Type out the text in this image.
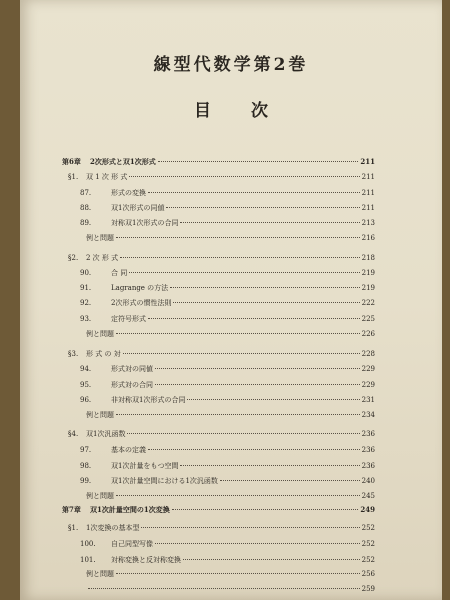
線型代数学第2巻
目次
第6章	2次形式と双1次形式	211
§1.	双 1 次 形 式	211
87.	形式の変換	211
88.	双1次形式の同値	211
89.	対称双1次形式の合同	213
例と問題	216
§2.	2 次 形 式	218
90.	合 同	219
91.	Lagrange の方法	219
92.	2次形式の慣性法則	222
93.	定符号形式	225
例と問題	226
§3.	形 式 の 対	228
94.	形式対の同値	229
95.	形式対の合同	229
96.	非対称双1次形式の合同	231
例と問題	234
§4.	双1次汎函数	236
97.	基本の定義	236
98.	双1次計量をもつ空間	236
99.	双1次計量空間における1次汎函数	240
例と問題	245
第7章	双1次計量空間の1次変換	249
§1.	1次変換の基本型	252
100.	自己同型写像	252
101.	対称変換と反対称変換	252
例と問題	256
259
